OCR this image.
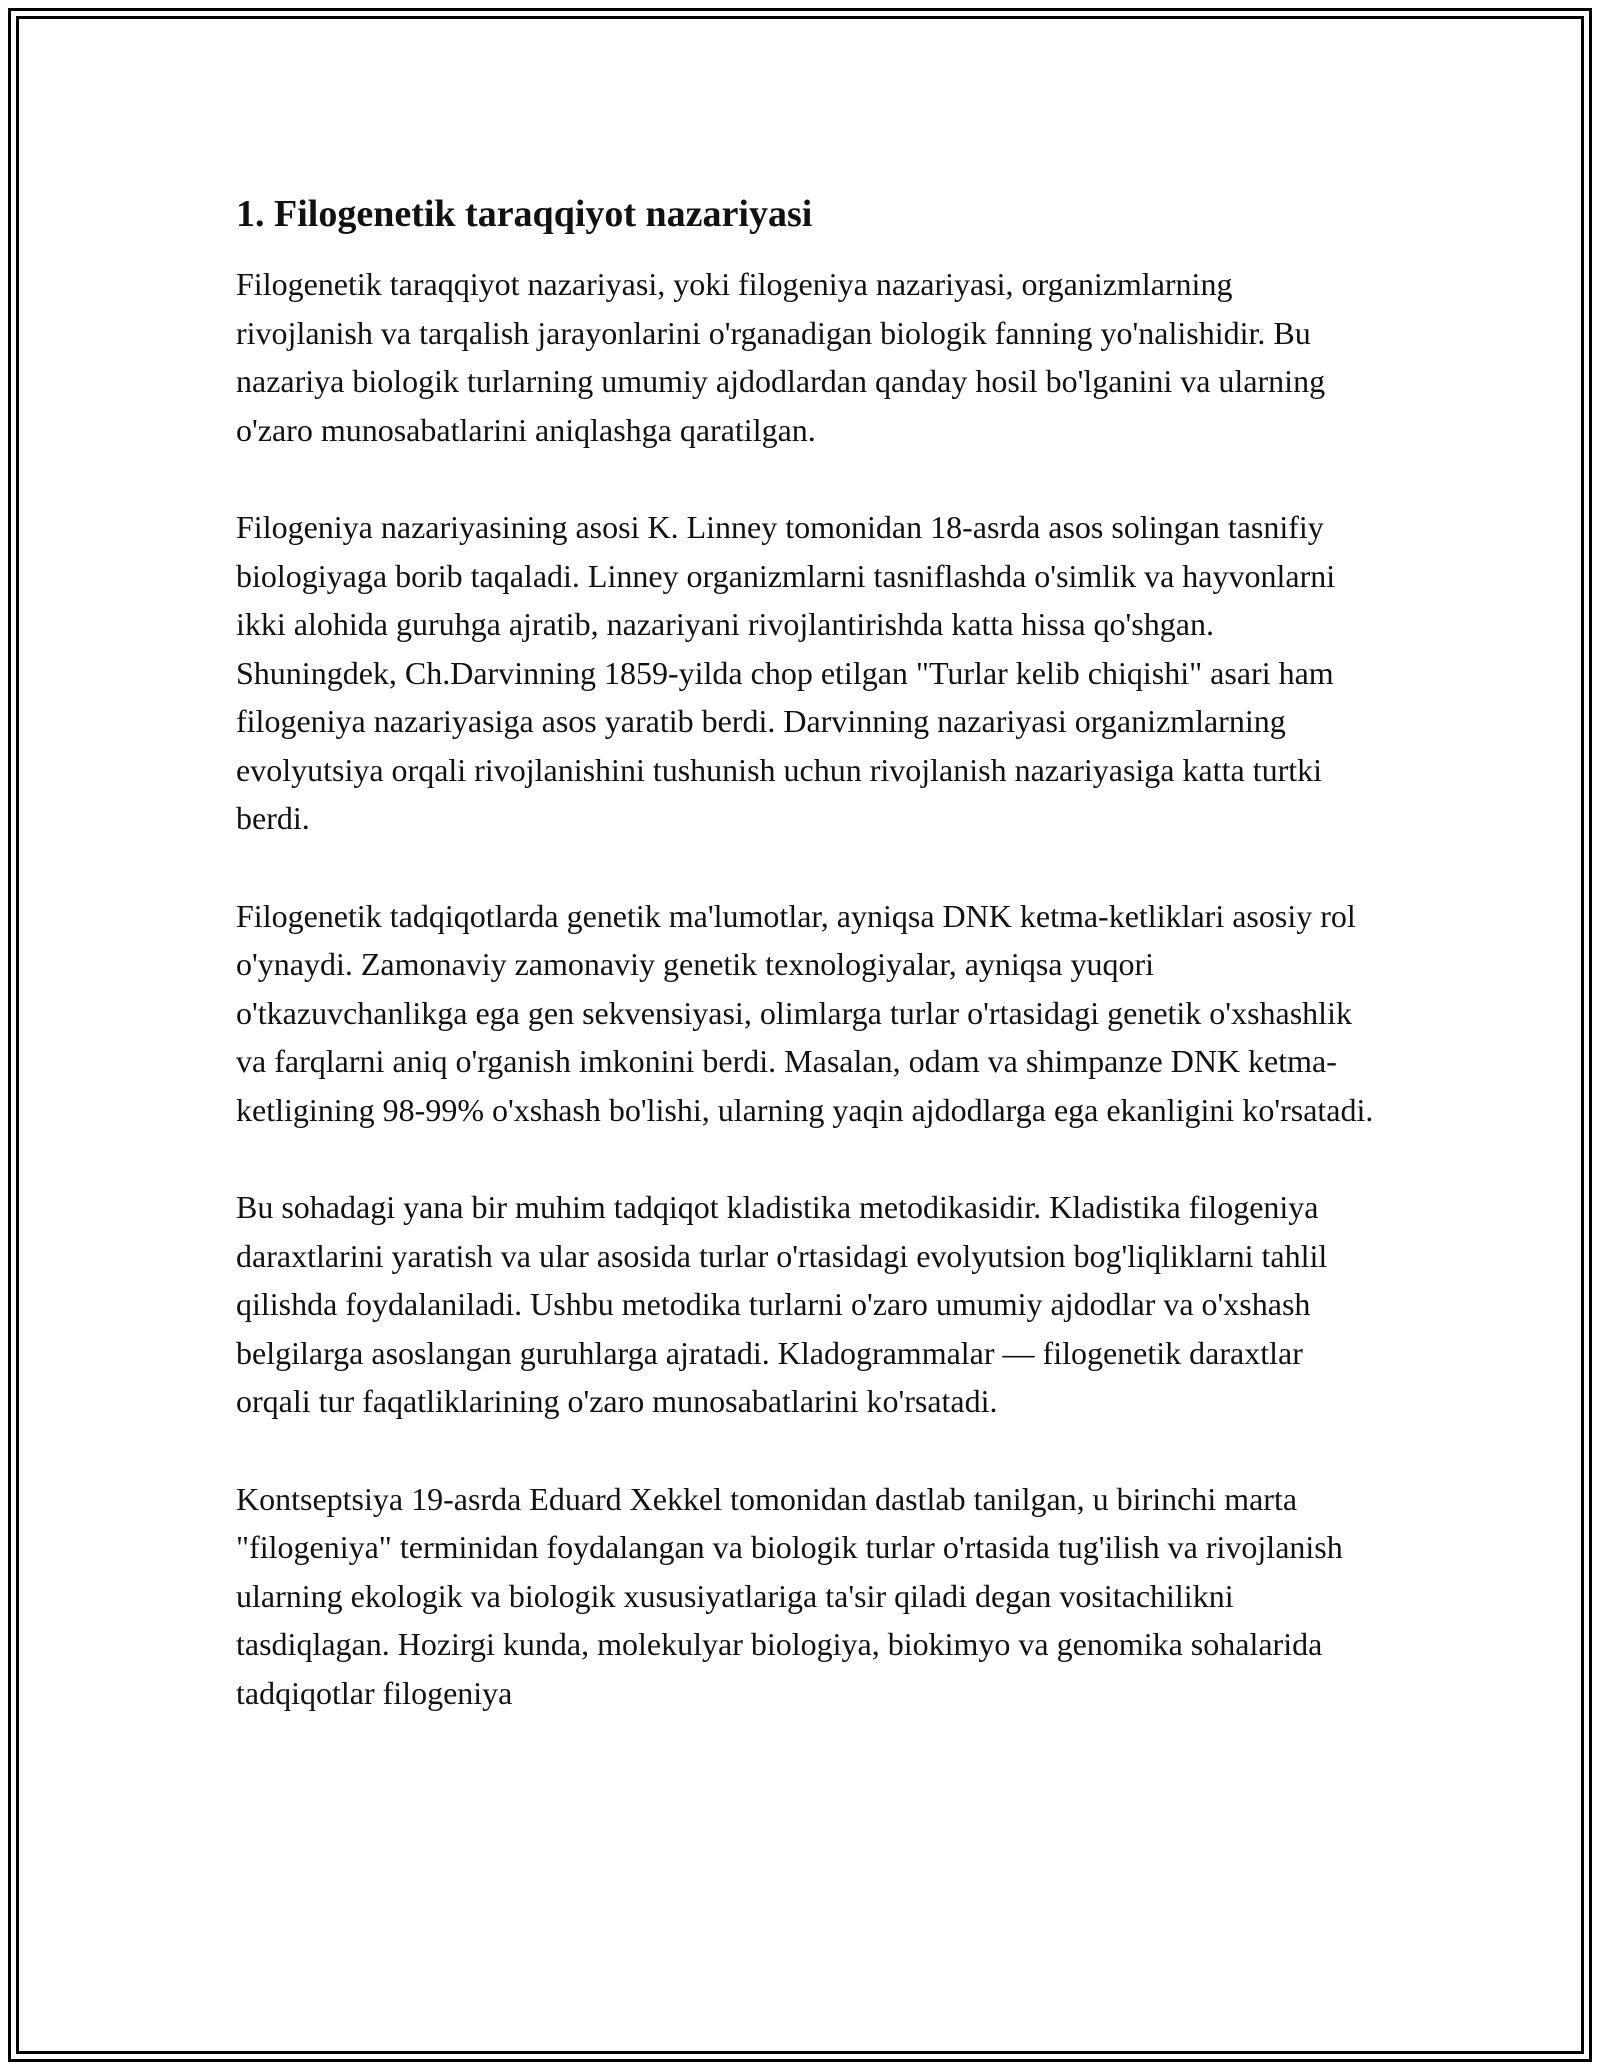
1. Filogenetik taraqqiyot nazariyasi

Filogenetik taraqqiyot nazariyasi, yoki filogeniya nazariyasi, organizmlarning rivojlanish va tarqalish jarayonlarini o'rganadigan biologik fanning yo'nalishidir. Bu nazariya biologik turlarning umumiy ajdodlardan qanday hosil bo'lganini va ularning o'zaro munosabatlarini aniqlashga qaratilgan.

Filogeniya nazariyasining asosi K. Linney tomonidan 18-asrda asos solingan tasnifiy biologiyaga borib taqaladi. Linney organizmlarni tasniflashda o'simlik va hayvonlarni ikki alohida guruhga ajratib, nazariyani rivojlantirishda katta hissa qo'shgan. Shuningdek, Ch.Darvinning 1859-yilda chop etilgan "Turlar kelib chiqishi" asari ham filogeniya nazariyasiga asos yaratib berdi. Darvinning nazariyasi organizmlarning evolyutsiya orqali rivojlanishini tushunish uchun rivojlanish nazariyasiga katta turtki berdi.

Filogenetik tadqiqotlarda genetik ma'lumotlar, ayniqsa DNK ketma-ketliklari asosiy rol o'ynaydi. Zamonaviy zamonaviy genetik texnologiyalar, ayniqsa yuqori o'tkazuvchanlikga ega gen sekvensiyasi, olimlarga turlar o'rtasidagi genetik o'xshashlik va farqlarni aniq o'rganish imkonini berdi. Masalan, odam va shimpanze DNK ketma-ketligining 98-99% o'xshash bo'lishi, ularning yaqin ajdodlarga ega ekanligini ko'rsatadi.

Bu sohadagi yana bir muhim tadqiqot kladistika metodikasidir. Kladistika filogeniya daraxtlarini yaratish va ular asosida turlar o'rtasidagi evolyutsion bog'liqliklarni tahlil qilishda foydalaniladi. Ushbu metodika turlarni o'zaro umumiy ajdodlar va o'xshash belgilarga asoslangan guruhlarga ajratadi. Kladogrammalar — filogenetik daraxtlar orqali tur faqatliklarining o'zaro munosabatlarini ko'rsatadi.

Kontseptsiya 19-asrda Eduard Xekkel tomonidan dastlab tanilgan, u birinchi marta "filogeniya" terminidan foydalangan va biologik turlar o'rtasida tug'ilish va rivojlanish ularning ekologik va biologik xususiyatlariga ta'sir qiladi degan vositachilikni tasdiqlagan. Hozirgi kunda, molekulyar biologiya, biokimyo va genomika sohalarida tadqiqotlar filogeniya
